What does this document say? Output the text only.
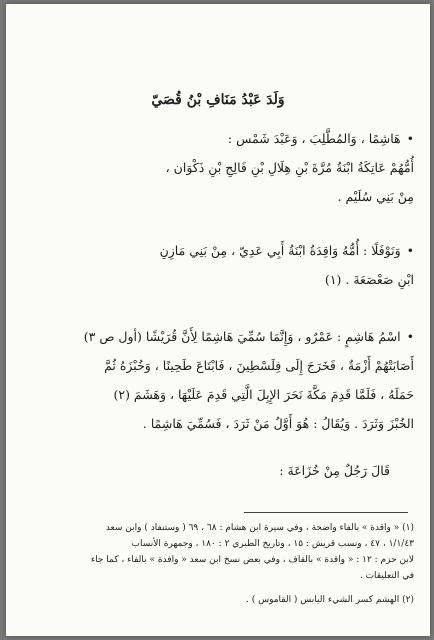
وَلَدَ عَبْدُ مَنَافِ بْنُ قُصَيّ

• هَاشِمًا ، وَالمُطَّلِبَ ، وَعَبْدَ شَمْس :

أُمُّهُمْ عَاتِكَةُ ابْنَةُ مُرَّةَ بْنِ هِلَالِ بْنِ فَالِجِ بْنِ ذَكْوَان ،

مِنْ بَنِي سُلَيْم .

• وَنَوْفَلًا : أُمُّهُ وَاقِدَةُ ابْنَةُ أَبِي عَدِيّ ، مِنْ بَنِي مَازِنِ

ابْنِ صَعْصَعَةَ . (١)

• اسْمُ هَاشِمٍ : عَمْرٌو ، وَإِنَّمَا سُمِّيَ هَاشِمًا لِأَنَّ قُرَيْشًا (أول ص ٣)

أَصَابَتْهُمْ أَزْمَةٌ ، فَخَرَجَ إِلَى فِلَسْطِينَ ، فَابْتَاعَ طَحِينًا ، وَخُبْزَهُ ثُمَّ

حَمَلَهُ ، فَلَمَّا قَدِمَ مَكَّةَ نَحَرَ الإِبِلَ الَّتِي قَدِمَ عَلَيْهَا ، وَهَشَمَ (٢)

الخُبْزَ وَثَرَدَ . وَيُقَالُ : هُوَ أَوَّلُ مَنْ ثَرَدَ ، فَسُمِّيَ هَاشِمًا .

قَالَ رَجُلٌ مِنْ خُزَاعَةَ :

(١) « واقدة » بالفاء واضحة ، وفي سيرة ابن هشام : ٦٨ ، ٦٩ ( وستنفاد ) وابن سعد

١/١/٤٣ ، ٤٧ ، ونسب قريش : ١٥ ، وتاريخ الطبري ٢ : ١٨٠ ، وجمهرة الأنساب

لابن حزم : ١٢ : « واقدة » بالقاف ، وفي بعض نسخ ابن سعد « وافدة » بالفاء ، كما جاء

في التعليقات .

(٢) الهشم كسر الشيء اليابس ( القاموس ) .
